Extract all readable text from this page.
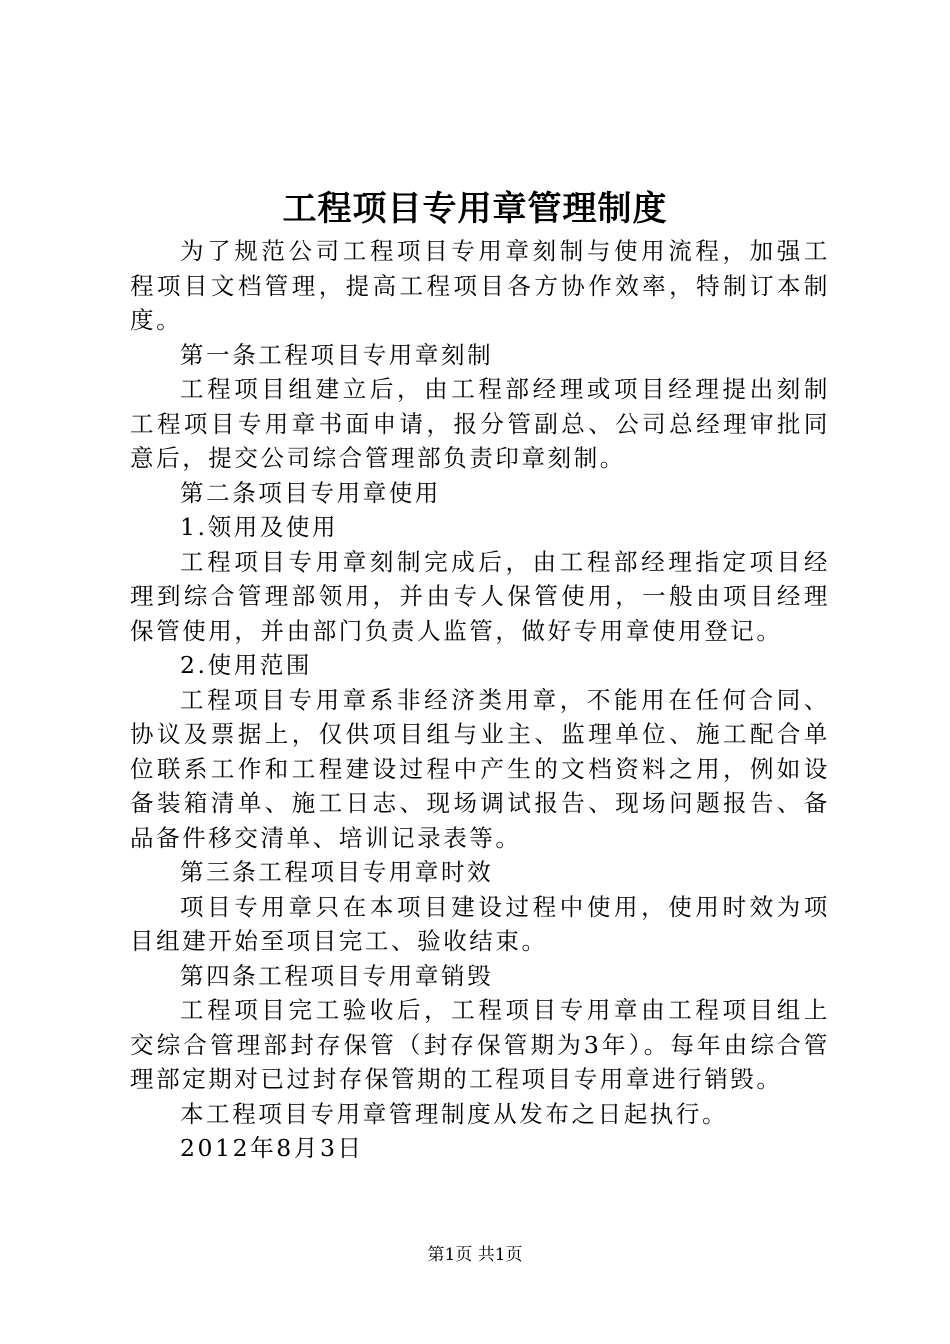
工程项目专用章管理制度

为了规范公司工程项目专用章刻制与使用流程，加强工程项目文档管理，提高工程项目各方协作效率，特制订本制度。

第一条工程项目专用章刻制

工程项目组建立后，由工程部经理或项目经理提出刻制工程项目专用章书面申请，报分管副总、公司总经理审批同意后，提交公司综合管理部负责印章刻制。

第二条项目专用章使用

1.领用及使用

工程项目专用章刻制完成后，由工程部经理指定项目经理到综合管理部领用，并由专人保管使用，一般由项目经理保管使用，并由部门负责人监管，做好专用章使用登记。

2.使用范围

工程项目专用章系非经济类用章，不能用在任何合同、协议及票据上，仅供项目组与业主、监理单位、施工配合单位联系工作和工程建设过程中产生的文档资料之用，例如设备装箱清单、施工日志、现场调试报告、现场问题报告、备品备件移交清单、培训记录表等。

第三条工程项目专用章时效

项目专用章只在本项目建设过程中使用，使用时效为项目组建开始至项目完工、验收结束。

第四条工程项目专用章销毁

工程项目完工验收后，工程项目专用章由工程项目组上交综合管理部封存保管（封存保管期为3年）。每年由综合管理部定期对已过封存保管期的工程项目专用章进行销毁。

本工程项目专用章管理制度从发布之日起执行。

2012年8月3日

第1页 共1页
